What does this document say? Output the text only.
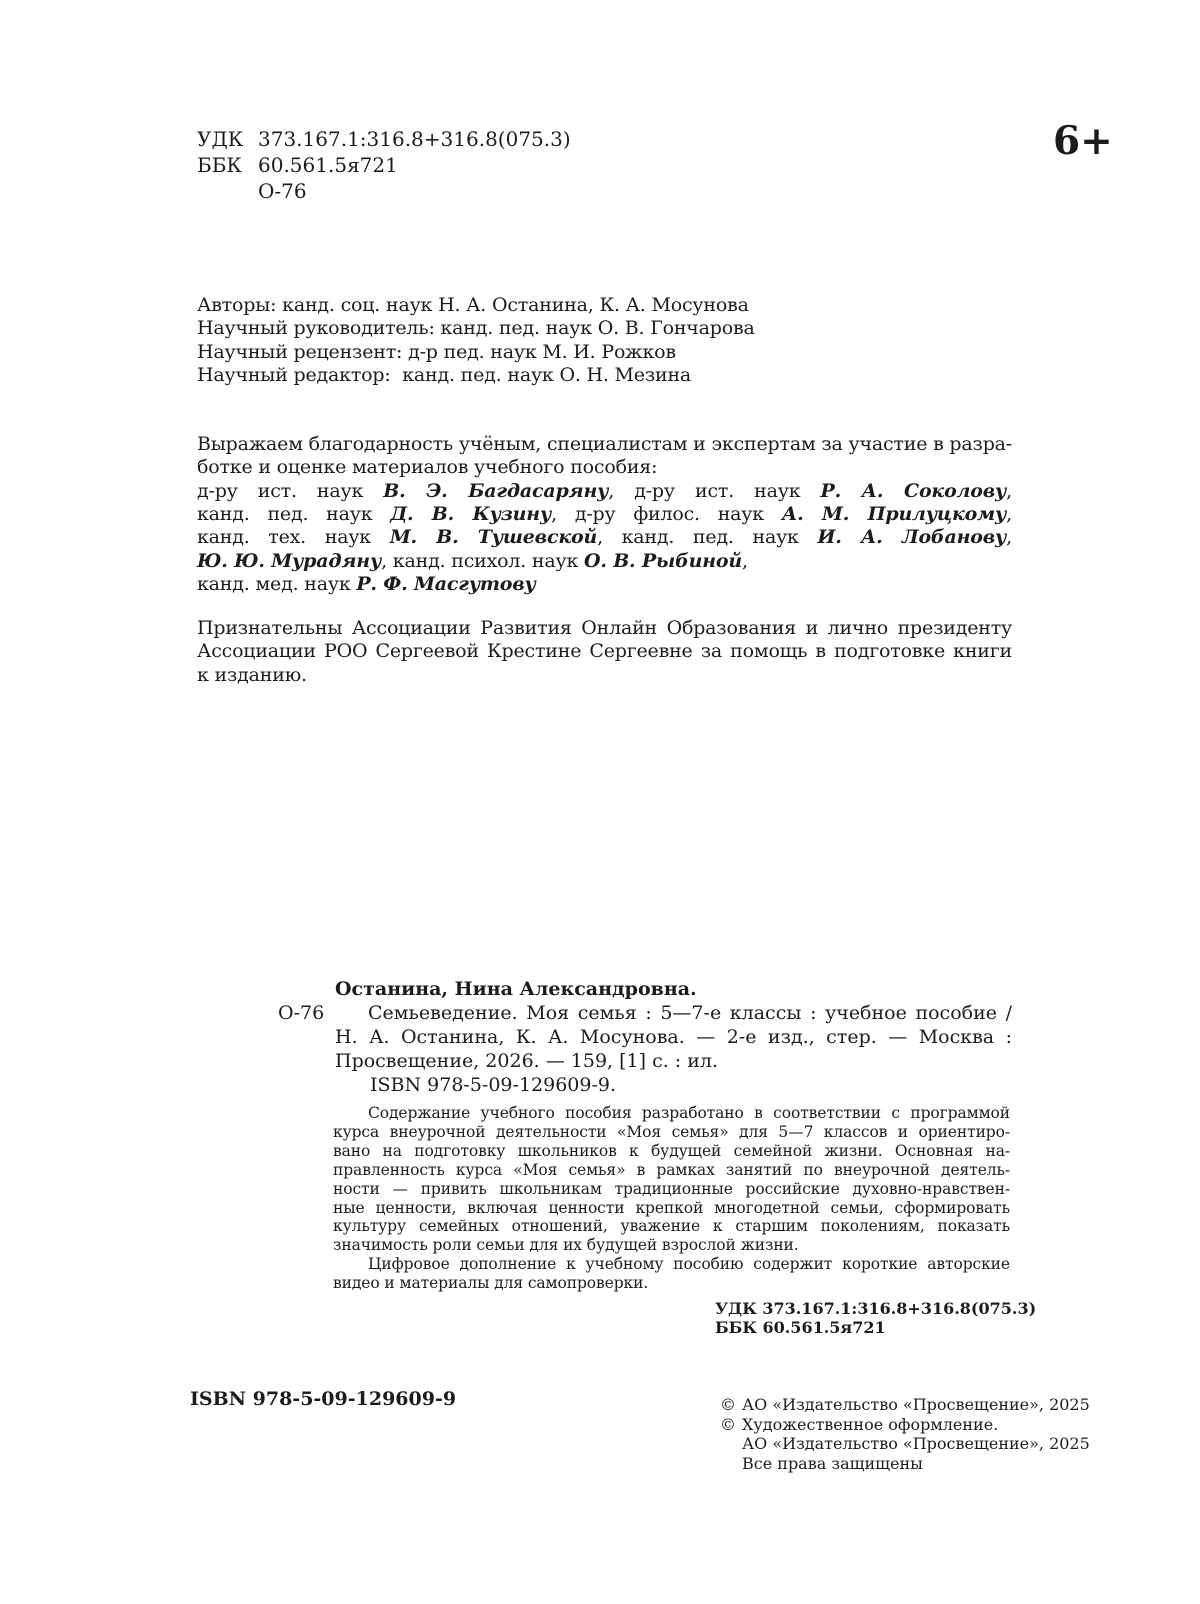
УДК 373.167.1:316.8+316.8(075.3)
ББК 60.561.5я721
О-76
6+
Авторы: канд. соц. наук Н. А. Останина, К. А. Мосунова
Научный руководитель: канд. пед. наук О. В. Гончарова
Научный рецензент: д-р пед. наук М. И. Рожков
Научный редактор:  канд. пед. наук О. Н. Мезина
Выражаем благодарность учёным, специалистам и экспертам за участие в разра-
ботке и оценке материалов учебного пособия:
д-ру ист. наук В. Э. Багдасаряну, д-ру ист. наук Р. А. Соколову,
канд. пед. наук Д. В. Кузину, д-ру филос. наук А. М. Прилуцкому,
канд. тех. наук М. В. Тушевской, канд. пед. наук И. А. Лобанову,
Ю. Ю. Мурадяну, канд. психол. наук О. В. Рыбиной,
канд. мед. наук Р. Ф. Масгутову
Признательны Ассоциации Развития Онлайн Образования и лично президенту
Ассоциации РОО Сергеевой Крестине Сергеевне за помощь в подготовке книги
к изданию.
О-76
Останина, Нина Александровна.
Семьеведение. Моя семья : 5—7-е классы : учебное пособие /
Н. А. Останина, К. А. Мосунова. — 2-е изд., стер. — Москва :
Просвещение, 2026. — 159, [1] с. : ил.
ISBN 978-5-09-129609-9.
Содержание учебного пособия разработано в соответствии с программой
курса внеурочной деятельности «Моя семья» для 5—7 классов и ориентиро-
вано на подготовку школьников к будущей семейной жизни. Основная на-
правленность курса «Моя семья» в рамках занятий по внеурочной деятель-
ности — привить школьникам традиционные российские духовно-нравствен-
ные ценности, включая ценности крепкой многодетной семьи, сформировать
культуру семейных отношений, уважение к старшим поколениям, показать
значимость роли семьи для их будущей взрослой жизни.
Цифровое дополнение к учебному пособию содержит короткие авторские
видео и материалы для самопроверки.
УДК 373.167.1:316.8+316.8(075.3)
ББК 60.561.5я721
ISBN 978-5-09-129609-9	© АО «Издательство «Просвещение», 2025
© Художественное оформление.
АО «Издательство «Просвещение», 2025
Все права защищены
